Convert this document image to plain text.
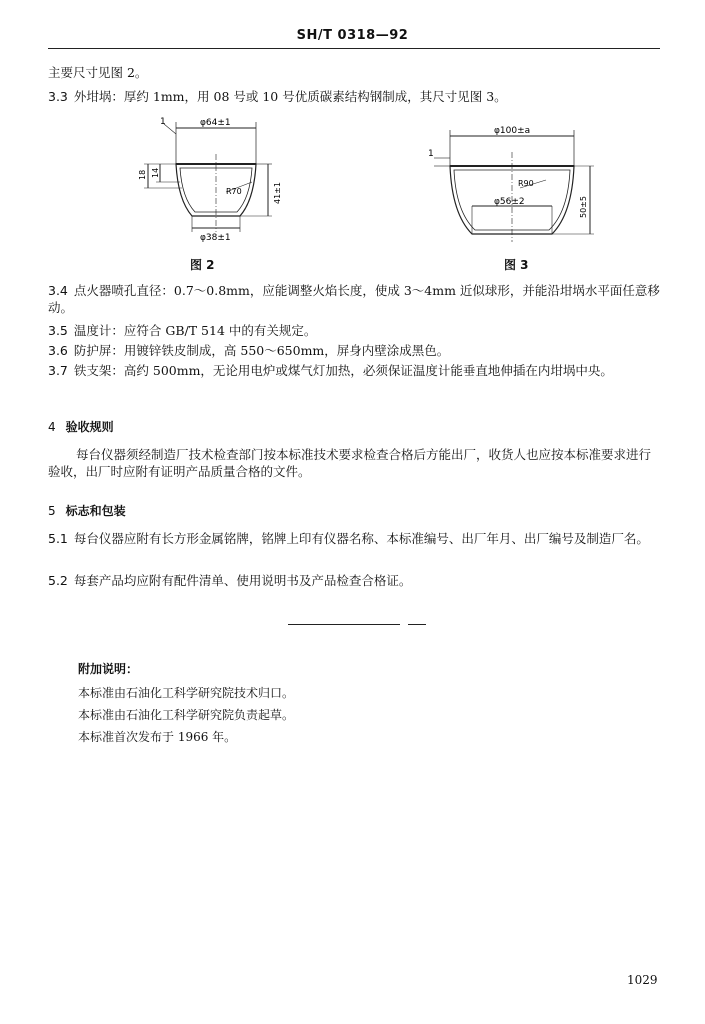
SH/T 0318—92
主要尺寸见图 2。
3.3 外坩埚：厚约 1mm，用 08 号或 10 号优质碳素结构钢制成，其尺寸见图 3。
φ64±1
1
R70
φ38±1
18 14
41±1
图 2
φ100±a
1
R90
φ56±2	50±5
图 3
3.4 点火器喷孔直径：0.7～0.8mm，应能调整火焰长度，使成 3～4mm 近似球形，并能沿坩埚水平面任意移动。
3.5 温度计：应符合 GB/T 514 中的有关规定。
3.6 防护屏：用镀锌铁皮制成，高 550～650mm，屏身内壁涂成黑色。
3.7 铁支架：高约 500mm，无论用电炉或煤气灯加热，必须保证温度计能垂直地伸插在内坩埚中央。
4 验收规则
每台仪器须经制造厂技术检查部门按本标准技术要求检查合格后方能出厂，收货人也应按本标准要求进行验收，出厂时应附有证明产品质量合格的文件。
5 标志和包装
5.1 每台仪器应附有长方形金属铭牌，铭牌上印有仪器名称、本标准编号、出厂年月、出厂编号及制造厂名。
5.2 每套产品均应附有配件清单、使用说明书及产品检查合格证。
附加说明：
本标准由石油化工科学研究院技术归口。
本标准由石油化工科学研究院负责起草。
本标准首次发布于 1966 年。
1029
